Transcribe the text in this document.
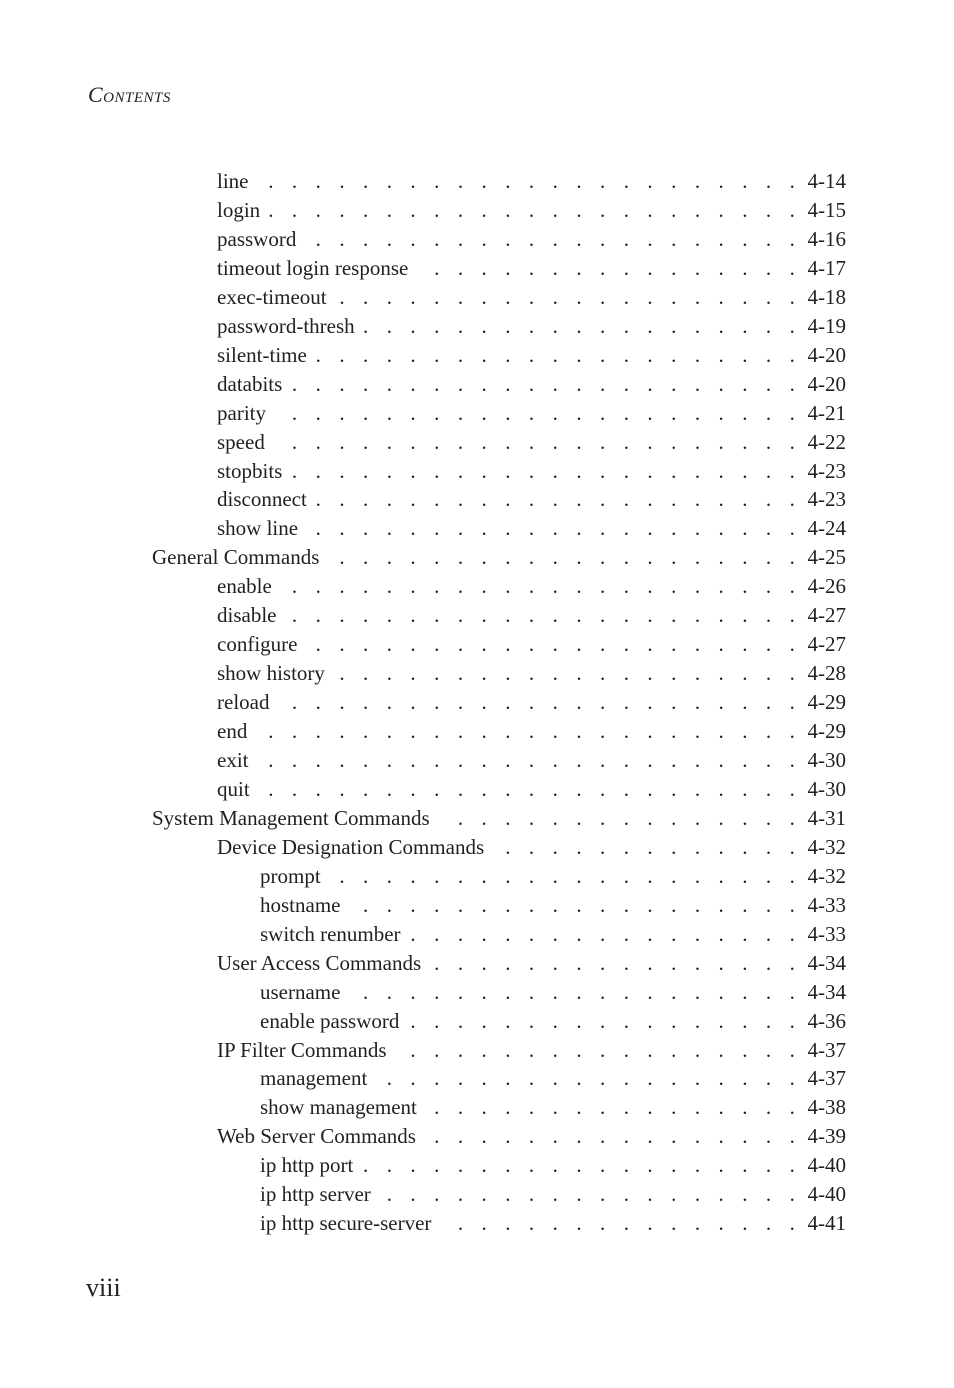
Contents
line . . .	4-14
login . . .	4-15
password . . .	4-16
timeout login response . . .	4-17
exec-timeout . . .	4-18
password-thresh . . .	4-19
silent-time . . .	4-20
databits . . .	4-20
parity . . .	4-21
speed . . .	4-22
stopbits . . .	4-23
disconnect . . .	4-23
show line . . .	4-24
General Commands . . .	4-25
enable . . .	4-26
disable . . .	4-27
configure . . .	4-27
show history . . .	4-28
reload . . .	4-29
end . . .	4-29
exit . . .	4-30
quit . . .	4-30
System Management Commands . . .	4-31
Device Designation Commands . . .	4-32
prompt . . .	4-32
hostname . . .	4-33
switch renumber . . .	4-33
User Access Commands . . .	4-34
username . . .	4-34
enable password . . .	4-36
IP Filter Commands . . .	4-37
management . . .	4-37
show management . . .	4-38
Web Server Commands . . .	4-39
ip http port . . .	4-40
ip http server . . .	4-40
ip http secure-server . . .	4-41
viii
